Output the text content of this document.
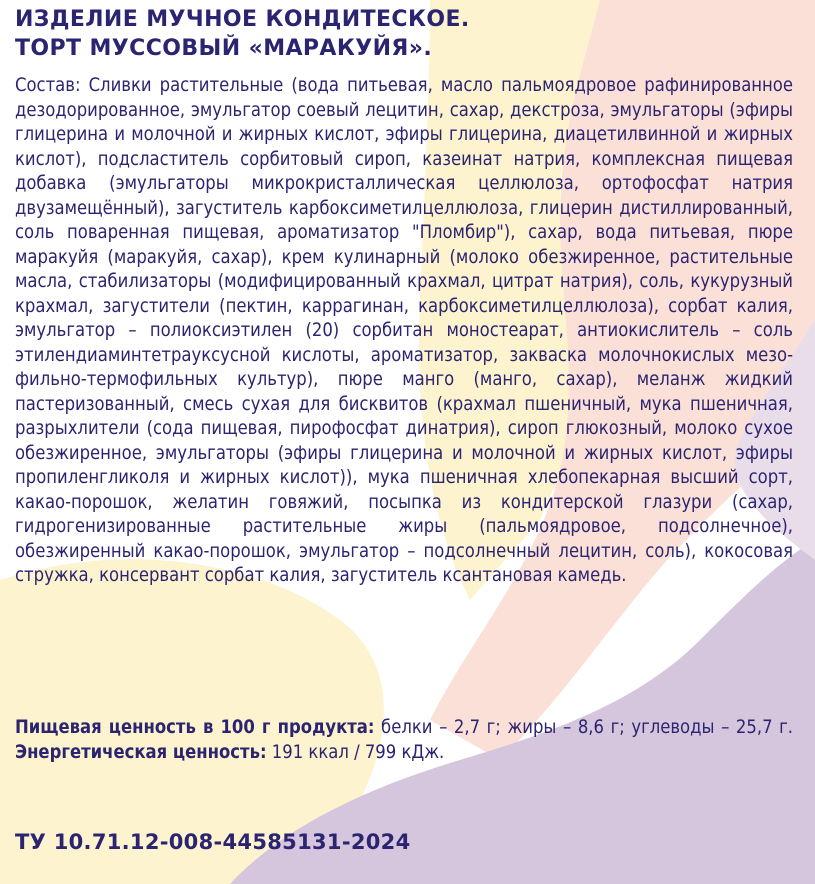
ИЗДЕЛИЕ МУЧНОЕ КОНДИТЕСКОЕ.
ТОРТ МУССОВЫЙ «МАРАКУЙЯ».
Состав: Сливки растительные (вода питьевая, масло пальмоядровое рафинированное дезодорированное, эмульгатор соевый лецитин, сахар, декстроза, эмульгаторы (эфиры глицерина и молочной и жирных кислот, эфиры глицерина, диацетилвинной и жирных кислот), подсластитель сорбитовый сироп, казеинат натрия, комплексная пищевая добавка (эмульгаторы микрокристаллическая целлюлоза, ортофосфат натрия двузамещённый), загуститель карбоксиметилцеллюлоза, глицерин дистиллированный, соль поваренная пищевая, ароматизатор "Пломбир"), сахар, вода питьевая, пюре маракуйя (маракуйя, сахар), крем кулинарный (молоко обезжиренное, растительные масла, стабилизаторы (модифицированный крахмал, цитрат натрия), соль, кукурузный крахмал, загустители (пектин, каррагинан, карбоксиметилцеллюлоза), сорбат калия, эмульгатор – полиоксиэтилен (20) сорбитан моностеарат, антиокислитель – соль этилендиаминтетрауксусной кислоты, ароматизатор, закваска молочнокислых мезофильно-термофильных культур), пюре манго (манго, сахар), меланж жидкий пастеризованный, смесь сухая для бисквитов (крахмал пшеничный, мука пшеничная, разрыхлители (сода пищевая, пирофосфат динатрия), сироп глюкозный, молоко сухое обезжиренное, эмульгаторы (эфиры глицерина и молочной и жирных кислот, эфиры пропиленгликоля и жирных кислот)), мука пшеничная хлебопекарная высший сорт, какао-порошок, желатин говяжий, посыпка из кондитерской глазури (сахар, гидрогенизированные растительные жиры (пальмоядровое, подсолнечное), обезжиренный какао-порошок, эмульгатор – подсолнечный лецитин, соль), кокосовая стружка, консервант сорбат калия, загуститель ксантановая камедь.
Пищевая ценность в 100 г продукта: белки – 2,7 г; жиры – 8,6 г; углеводы – 25,7 г. Энергетическая ценность: 191 ккал / 799 кДж.
ТУ 10.71.12-008-44585131-2024
